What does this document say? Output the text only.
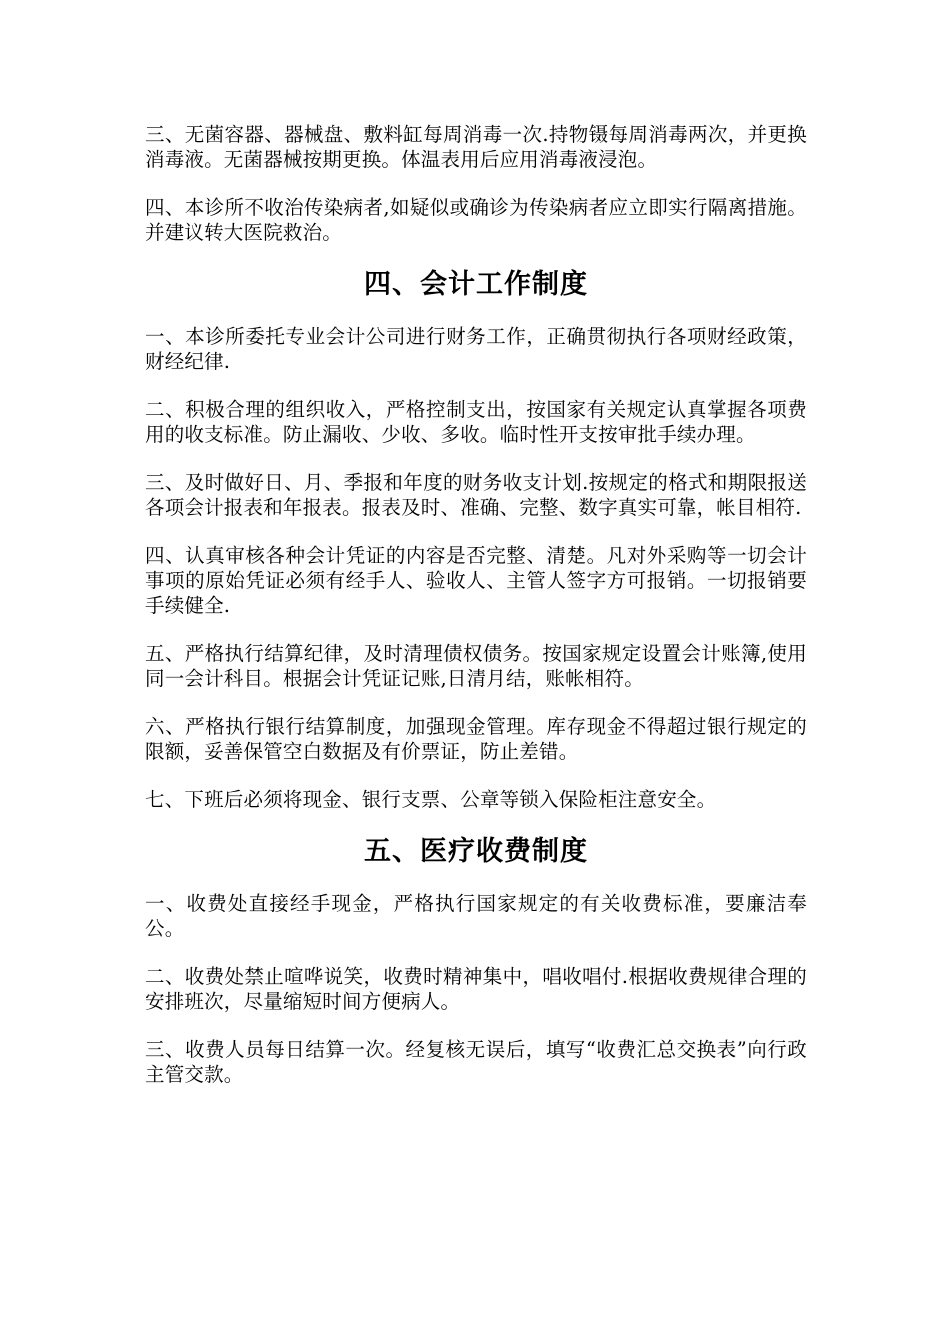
三、无菌容器、器械盘、敷料缸每周消毒一次.持物镊每周消毒两次，并更换消毒液。无菌器械按期更换。体温表用后应用消毒液浸泡。

四、本诊所不收治传染病者,如疑似或确诊为传染病者应立即实行隔离措施。并建议转大医院救治。

四、会计工作制度

一、本诊所委托专业会计公司进行财务工作，正确贯彻执行各项财经政策，财经纪律.

二、积极合理的组织收入，严格控制支出，按国家有关规定认真掌握各项费用的收支标准。防止漏收、少收、多收。临时性开支按审批手续办理。

三、及时做好日、月、季报和年度的财务收支计划.按规定的格式和期限报送各项会计报表和年报表。报表及时、准确、完整、数字真实可靠，帐目相符.

四、认真审核各种会计凭证的内容是否完整、清楚。凡对外采购等一切会计事项的原始凭证必须有经手人、验收人、主管人签字方可报销。一切报销要手续健全.

五、严格执行结算纪律，及时清理债权债务。按国家规定设置会计账簿,使用同一会计科目。根据会计凭证记账,日清月结，账帐相符。

六、严格执行银行结算制度，加强现金管理。库存现金不得超过银行规定的限额，妥善保管空白数据及有价票证，防止差错。

七、下班后必须将现金、银行支票、公章等锁入保险柜注意安全。

五、医疗收费制度

一、收费处直接经手现金，严格执行国家规定的有关收费标准，要廉洁奉公。

二、收费处禁止喧哗说笑，收费时精神集中，唱收唱付.根据收费规律合理的安排班次，尽量缩短时间方便病人。

三、收费人员每日结算一次。经复核无误后，填写“收费汇总交换表”向行政主管交款。
